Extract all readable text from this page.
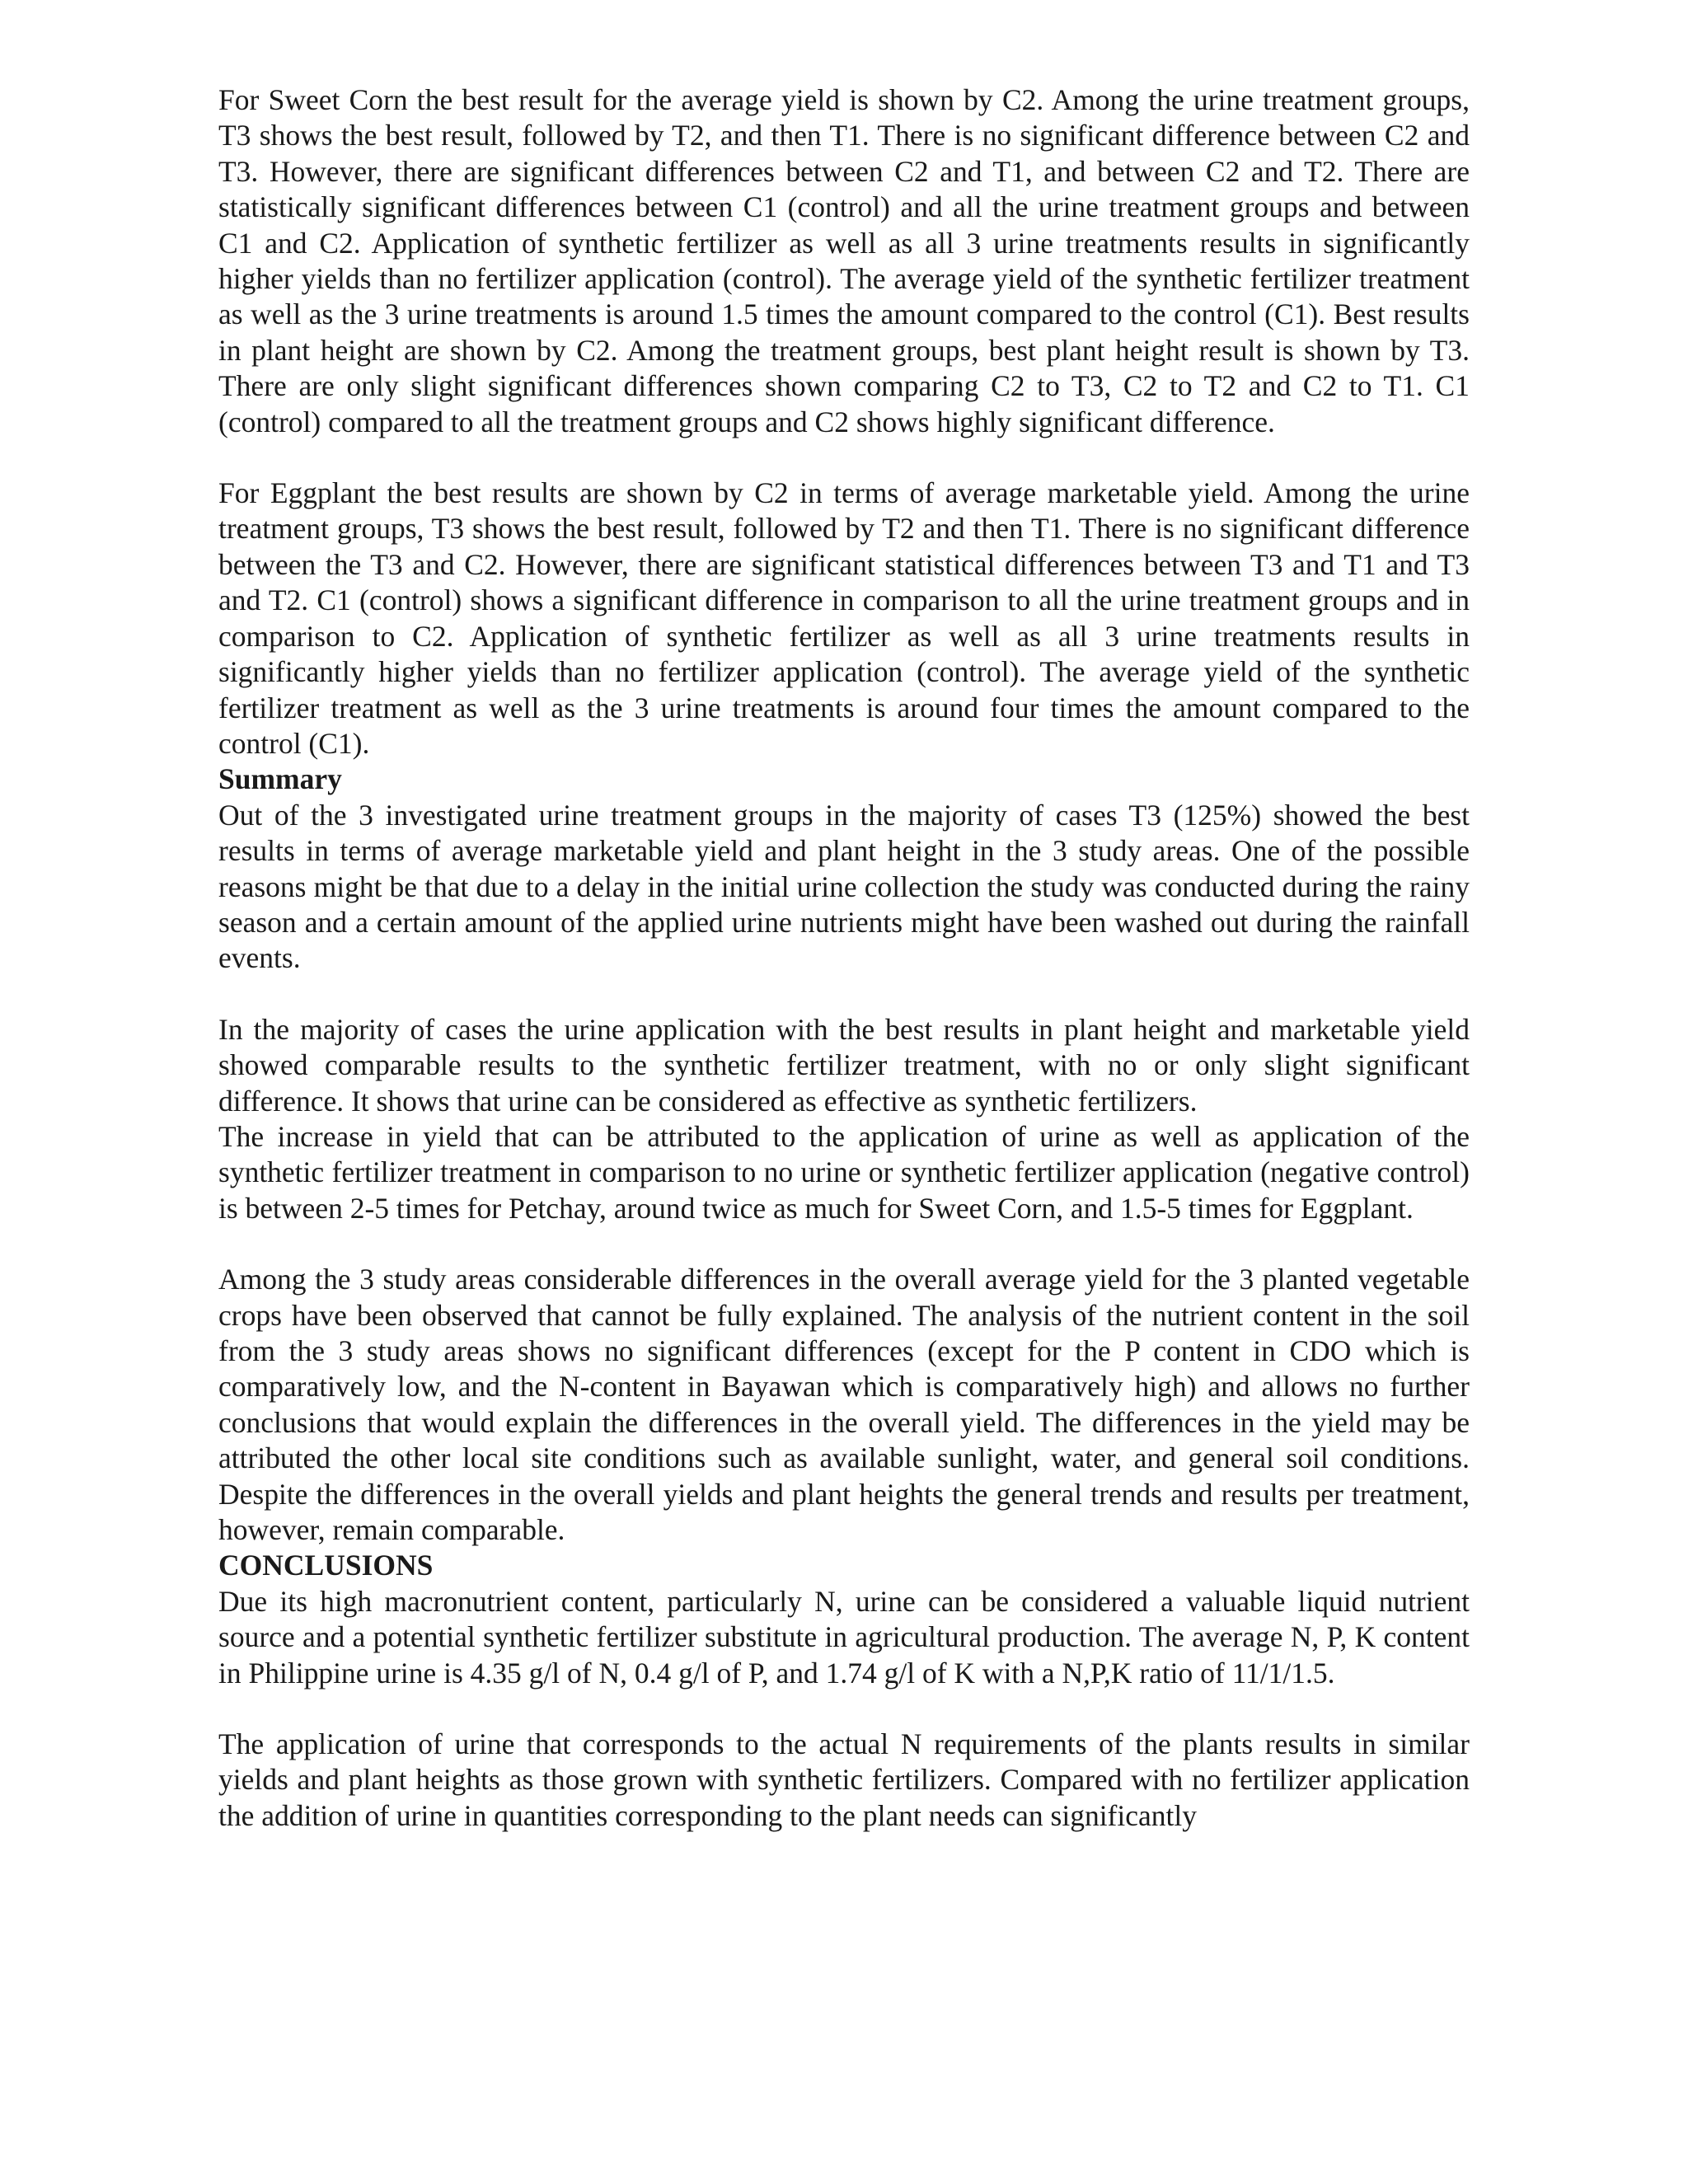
For Sweet Corn the best result for the average yield is shown by C2. Among the urine treatment groups, T3 shows the best result, followed by T2, and then T1. There is no significant difference between C2 and T3. However, there are significant differences between C2 and T1, and between C2 and T2. There are statistically significant differences between C1 (control) and all the urine treatment groups and between C1 and C2. Application of synthetic fertilizer as well as all 3 urine treatments results in significantly higher yields than no fertilizer application (control). The average yield of the synthetic fertilizer treatment as well as the 3 urine treatments is around 1.5 times the amount compared to the control (C1). Best results in plant height are shown by C2. Among the treatment groups, best plant height result is shown by T3. There are only slight significant differences shown comparing C2 to T3, C2 to T2 and C2 to T1. C1 (control) compared to all the treatment groups and C2 shows highly significant difference.

For Eggplant the best results are shown by C2 in terms of average marketable yield. Among the urine treatment groups, T3 shows the best result, followed by T2 and then T1. There is no significant difference between the T3 and C2. However, there are significant statistical differences between T3 and T1 and T3 and T2. C1 (control) shows a significant difference in comparison to all the urine treatment groups and in comparison to C2. Application of synthetic fertilizer as well as all 3 urine treatments results in significantly higher yields than no fertilizer application (control). The average yield of the synthetic fertilizer treatment as well as the 3 urine treatments is around four times the amount compared to the control (C1).

Summary

Out of the 3 investigated urine treatment groups in the majority of cases T3 (125%) showed the best results in terms of average marketable yield and plant height in the 3 study areas. One of the possible reasons might be that due to a delay in the initial urine collection the study was conducted during the rainy season and a certain amount of the applied urine nutrients might have been washed out during the rainfall events.

In the majority of cases the urine application with the best results in plant height and marketable yield showed comparable results to the synthetic fertilizer treatment, with no or only slight significant difference. It shows that urine can be considered as effective as synthetic fertilizers.

The increase in yield that can be attributed to the application of urine as well as application of the synthetic fertilizer treatment in comparison to no urine or synthetic fertilizer application (negative control) is between 2-5 times for Petchay, around twice as much for Sweet Corn, and 1.5-5 times for Eggplant.

Among the 3 study areas considerable differences in the overall average yield for the 3 planted vegetable crops have been observed that cannot be fully explained. The analysis of the nutrient content in the soil from the 3 study areas shows no significant differences (except for the P content in CDO which is comparatively low, and the N-content in Bayawan which is comparatively high) and allows no further conclusions that would explain the differences in the overall yield. The differences in the yield may be attributed the other local site conditions such as available sunlight, water, and general soil conditions. Despite the differences in the overall yields and plant heights the general trends and results per treatment, however, remain comparable.

CONCLUSIONS

Due its high macronutrient content, particularly N, urine can be considered a valuable liquid nutrient source and a potential synthetic fertilizer substitute in agricultural production. The average N, P, K content in Philippine urine is 4.35 g/l of N, 0.4 g/l of P, and 1.74 g/l of K with a N,P,K ratio of 11/1/1.5.

The application of urine that corresponds to the actual N requirements of the plants results in similar yields and plant heights as those grown with synthetic fertilizers. Compared with no fertilizer application the addition of urine in quantities corresponding to the plant needs can significantly
